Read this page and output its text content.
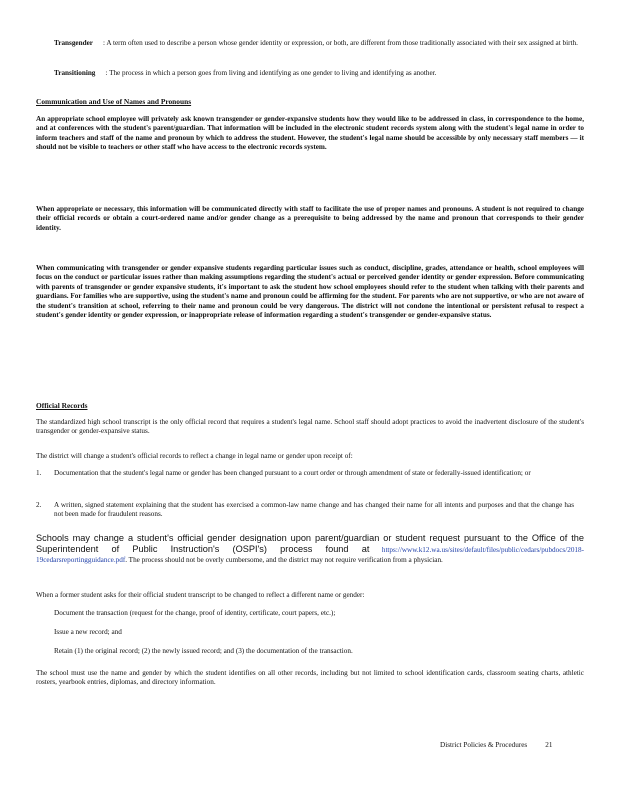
Transgender : A term often used to describe a person whose gender identity or expression, or both, are different from those traditionally associated with their sex assigned at birth.
Transitioning : The process in which a person goes from living and identifying as one gender to living and identifying as another.
Communication and Use of Names and Pronouns
An appropriate school employee will privately ask known transgender or gender-expansive students how they would like to be addressed in class, in correspondence to the home, and at conferences with the student's parent/guardian. That information will be included in the electronic student records system along with the student's legal name in order to inform teachers and staff of the name and pronoun by which to address the student. However, the student's legal name should be accessible by only necessary staff members — it should not be visible to teachers or other staff who have access to the electronic records system.
When appropriate or necessary, this information will be communicated directly with staff to facilitate the use of proper names and pronouns. A student is not required to change their official records or obtain a court-ordered name and/or gender change as a prerequisite to being addressed by the name and pronoun that corresponds to their gender identity.
When communicating with transgender or gender expansive students regarding particular issues such as conduct, discipline, grades, attendance or health, school employees will focus on the conduct or particular issues rather than making assumptions regarding the student's actual or perceived gender identity or gender expression. Before communicating with parents of transgender or gender expansive students, it's important to ask the student how school employees should refer to the student when talking with their parents and guardians. For families who are supportive, using the student's name and pronoun could be affirming for the student. For parents who are not supportive, or who are not aware of the student's transition at school, referring to their name and pronoun could be very dangerous. The district will not condone the intentional or persistent refusal to respect a student's gender identity or gender expression, or inappropriate release of information regarding a student's transgender or gender-expansive status.
Official Records
The standardized high school transcript is the only official record that requires a student's legal name. School staff should adopt practices to avoid the inadvertent disclosure of the student's transgender or gender-expansive status.
The district will change a student's official records to reflect a change in legal name or gender upon receipt of:
1.	Documentation that the student's legal name or gender has been changed pursuant to a court order or through amendment of state or federally-issued identification; or
2.	A written, signed statement explaining that the student has exercised a common-law name change and has changed their name for all intents and purposes and that the change has not been made for fraudulent reasons.
Schools may change a student's official gender designation upon parent/guardian or student request pursuant to the Office of the Superintendent of Public Instruction's (OSPI's) process found at https://www.k12.wa.us/sites/default/files/public/cedars/pubdocs/2018-19cedarsreportingguidance.pdf. The process should not be overly cumbersome, and the district may not require verification from a physician.
When a former student asks for their official student transcript to be changed to reflect a different name or gender:
Document the transaction (request for the change, proof of identity, certificate, court papers, etc.);
Issue a new record; and
Retain (1) the original record; (2) the newly issued record; and (3) the documentation of the transaction.
The school must use the name and gender by which the student identifies on all other records, including but not limited to school identification cards, classroom seating charts, athletic rosters, yearbook entries, diplomas, and directory information.
District Policies & Procedures	21
